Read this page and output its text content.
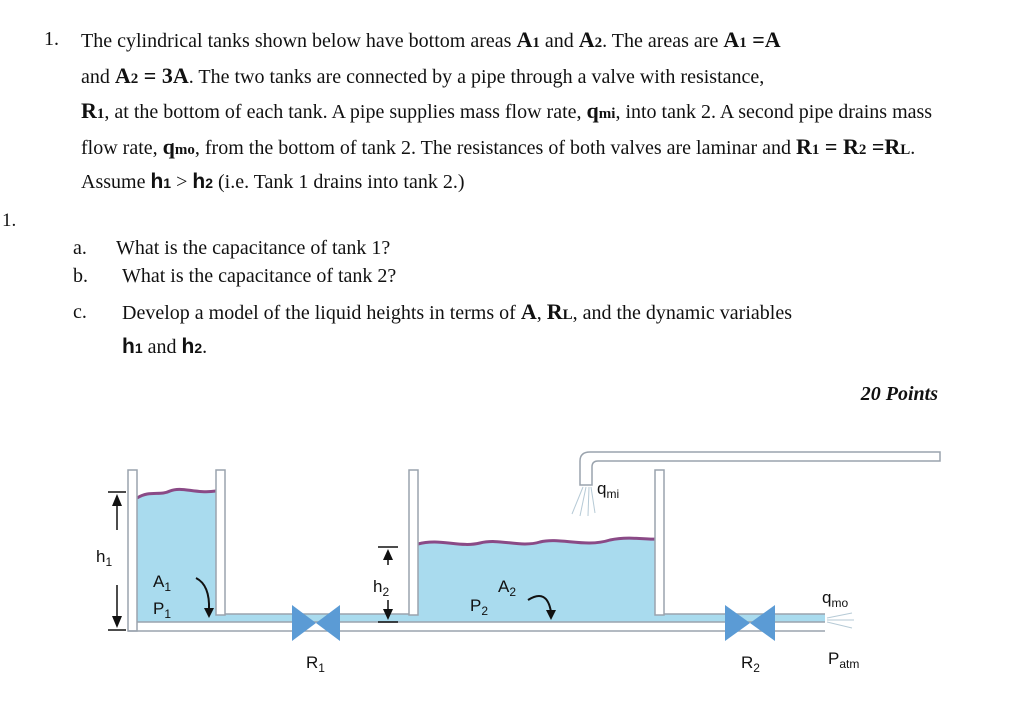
1.
1. The cylindrical tanks shown below have bottom areas A1 and A2. The areas are A1 =A
and A2 = 3A. The two tanks are connected by a pipe through a valve with resistance,
R1, at the bottom of each tank. A pipe supplies mass flow rate, qmi, into tank 2. A second pipe drains mass flow rate, qmo, from the bottom of tank 2. The resistances of both valves are laminar and R1 = R2 =RL. Assume h1 > h2 (i.e. Tank 1 drains into tank 2.)
a. What is the capacitance of tank 1?
b. What is the capacitance of tank 2?
c. Develop a model of the liquid heights in terms of A, RL, and the dynamic variables
h1 and h2.
20 Points
$h_1$
$A_1$
$P_1$
$h_2$	$A_2$
$P_2$
$q_{mi}$
$q_{mo}$
$P_{atm}$
$R_1$	$R_2$
